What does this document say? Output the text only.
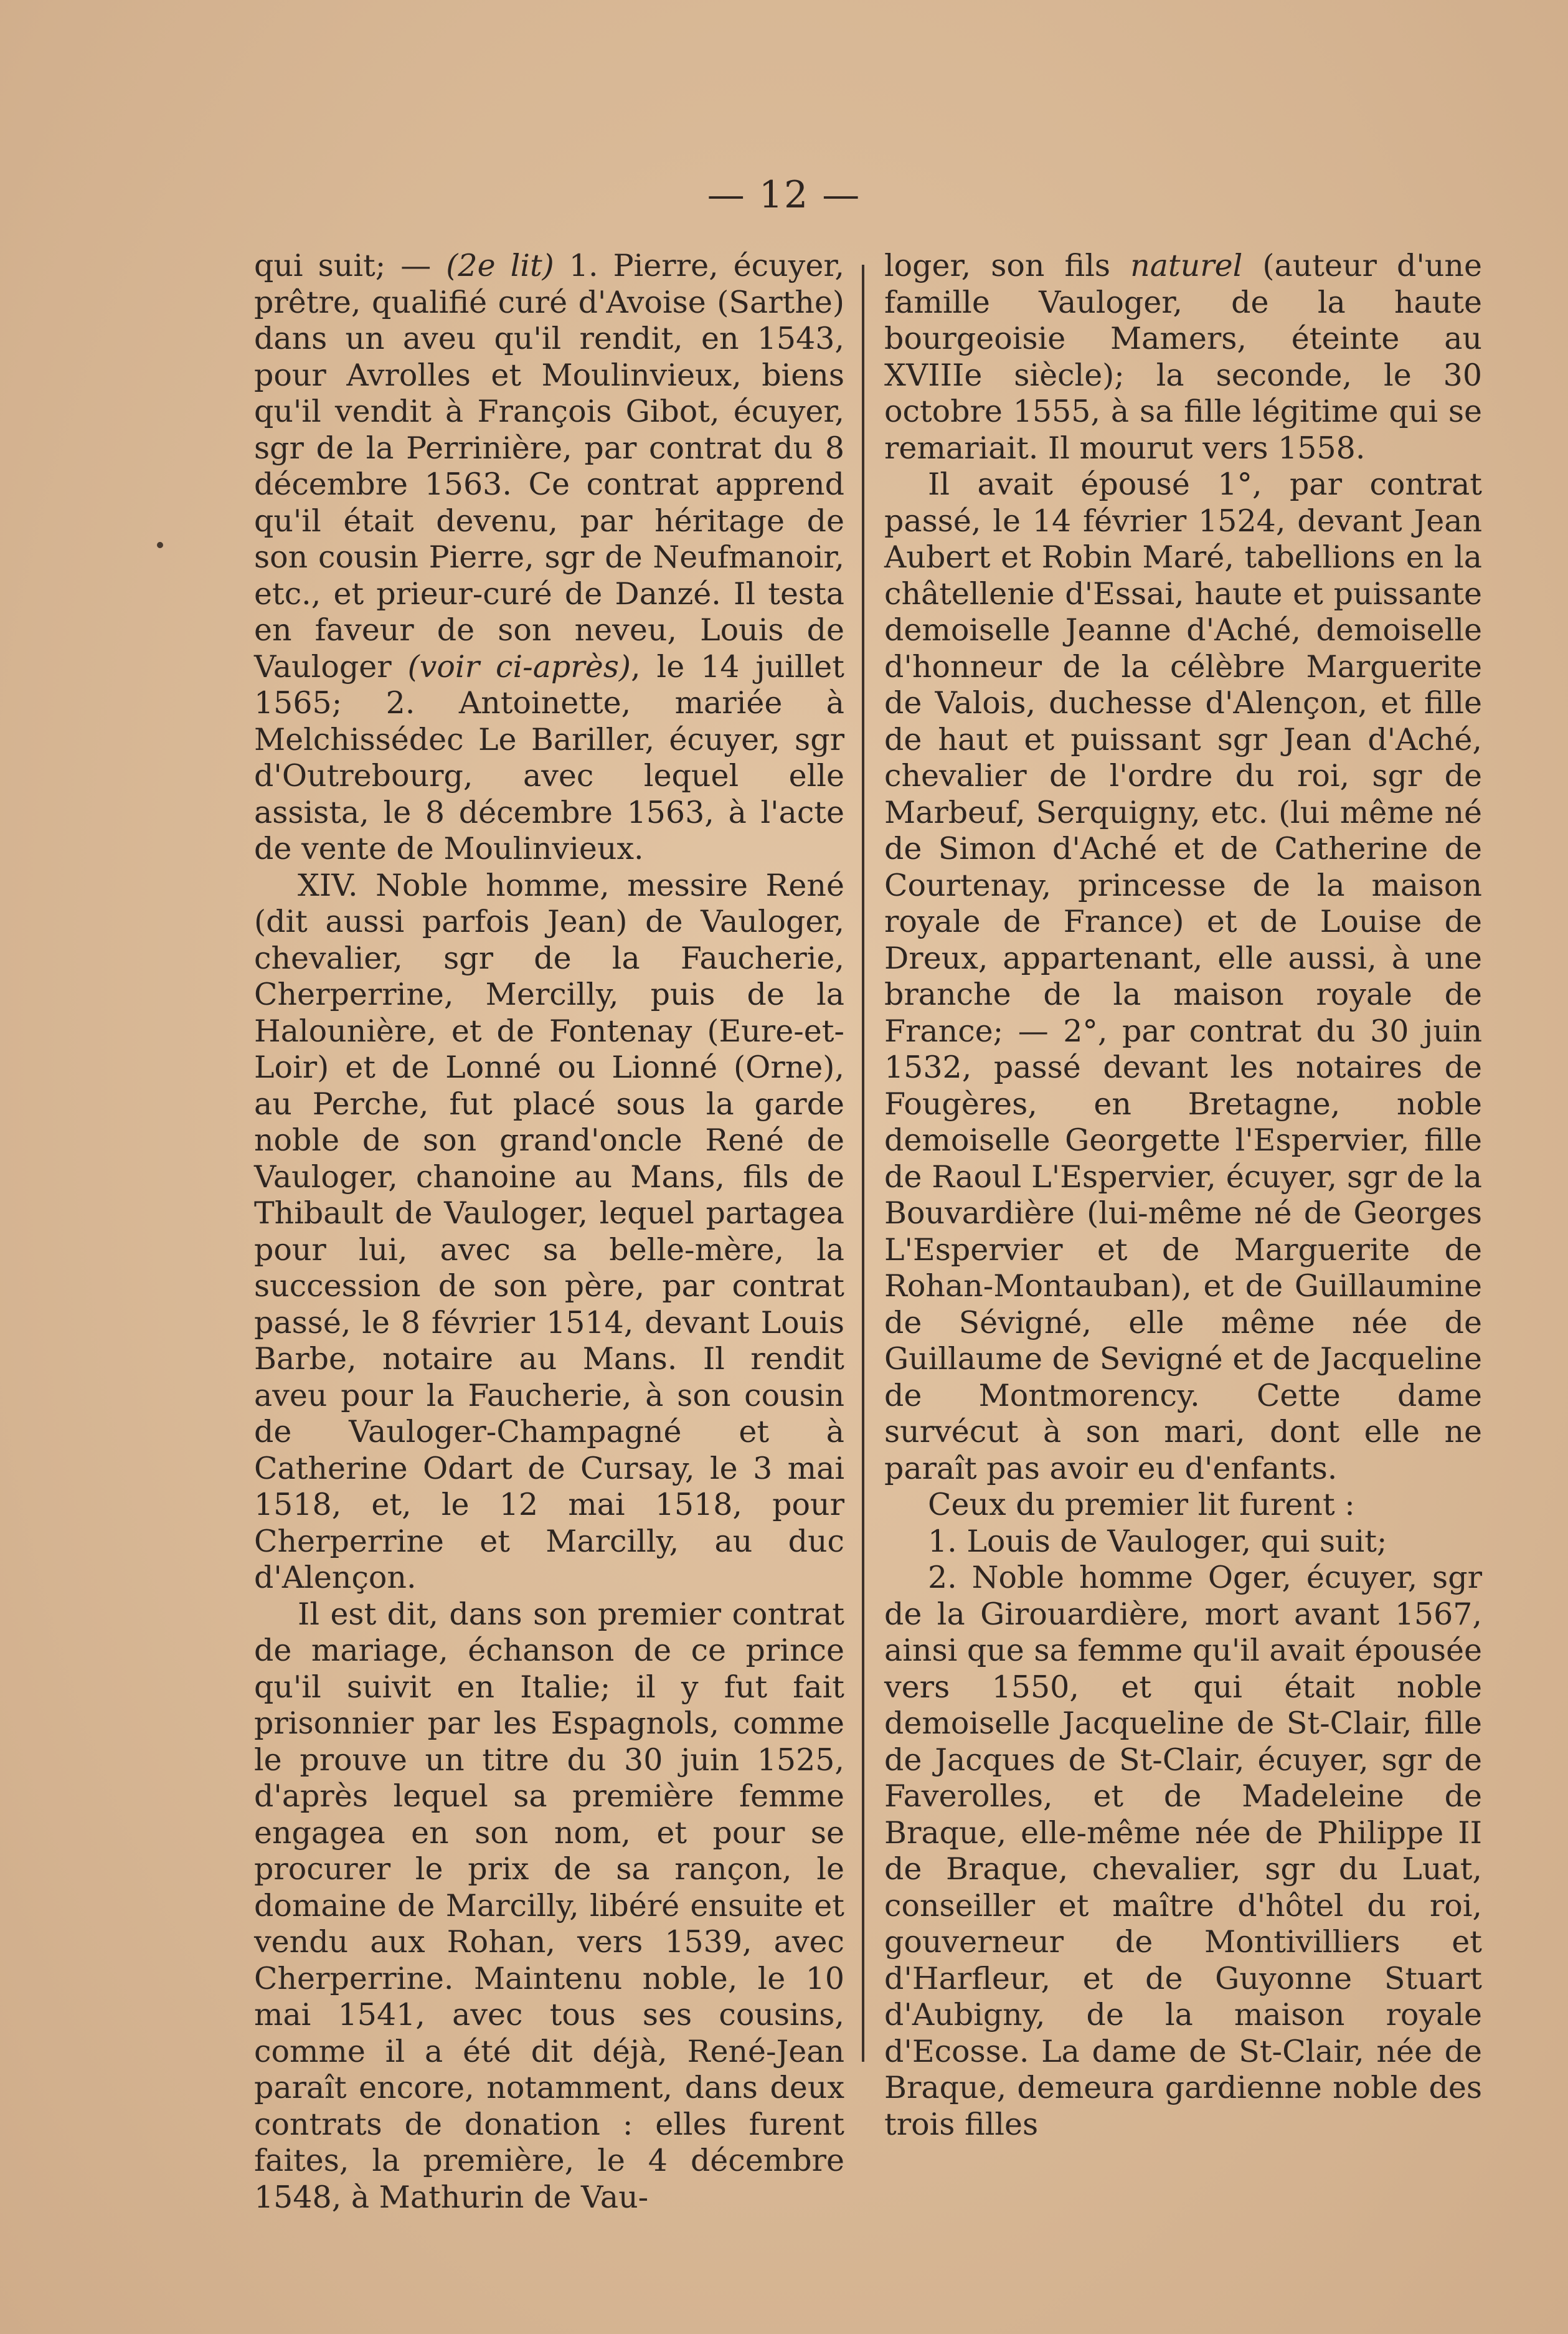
— 12 —

qui suit; — (2e lit) 1. Pierre, écuyer, prêtre, qualifié curé d'Avoise (Sarthe) dans un aveu qu'il rendit, en 1543, pour Avrolles et Moulinvieux, biens qu'il vendit à François Gibot, écuyer, sgr de la Perrinière, par contrat du 8 décembre 1563. Ce contrat apprend qu'il était devenu, par héritage de son cousin Pierre, sgr de Neufmanoir, etc., et prieur-curé de Danzé. Il testa en faveur de son neveu, Louis de Vauloger (voir ci-après), le 14 juillet 1565; 2. Antoinette, mariée à Melchissédec Le Bariller, écuyer, sgr d'Outrebourg, avec lequel elle assista, le 8 décembre 1563, à l'acte de vente de Moulinvieux.

XIV. Noble homme, messire René (dit aussi parfois Jean) de Vauloger, chevalier, sgr de la Faucherie, Cherperrine, Mercilly, puis de la Halounière, et de Fontenay (Eure-et-Loir) et de Lonné ou Lionné (Orne), au Perche, fut placé sous la garde noble de son grand'oncle René de Vauloger, chanoine au Mans, fils de Thibault de Vauloger, lequel partagea pour lui, avec sa belle-mère, la succession de son père, par contrat passé, le 8 février 1514, devant Louis Barbe, notaire au Mans. Il rendit aveu pour la Faucherie, à son cousin de Vauloger-Champagné et à Catherine Odart de Cursay, le 3 mai 1518, et, le 12 mai 1518, pour Cherperrine et Marcilly, au duc d'Alençon.

Il est dit, dans son premier contrat de mariage, échanson de ce prince qu'il suivit en Italie; il y fut fait prisonnier par les Espagnols, comme le prouve un titre du 30 juin 1525, d'après lequel sa première femme engagea en son nom, et pour se procurer le prix de sa rançon, le domaine de Marcilly, libéré ensuite et vendu aux Rohan, vers 1539, avec Cherperrine. Maintenu noble, le 10 mai 1541, avec tous ses cousins, comme il a été dit déjà, René-Jean paraît encore, notamment, dans deux contrats de donation : elles furent faites, la première, le 4 décembre 1548, à Mathurin de Vau-

loger, son fils naturel (auteur d'une famille Vauloger, de la haute bourgeoisie Mamers, éteinte au XVIIIe siècle); la seconde, le 30 octobre 1555, à sa fille légitime qui se remariait. Il mourut vers 1558.

Il avait épousé 1°, par contrat passé, le 14 février 1524, devant Jean Aubert et Robin Maré, tabellions en la châtellenie d'Essai, haute et puissante demoiselle Jeanne d'Aché, demoiselle d'honneur de la célèbre Marguerite de Valois, duchesse d'Alençon, et fille de haut et puissant sgr Jean d'Aché, chevalier de l'ordre du roi, sgr de Marbeuf, Serquigny, etc. (lui même né de Simon d'Aché et de Catherine de Courtenay, princesse de la maison royale de France) et de Louise de Dreux, appartenant, elle aussi, à une branche de la maison royale de France; — 2°, par contrat du 30 juin 1532, passé devant les notaires de Fougères, en Bretagne, noble demoiselle Georgette l'Espervier, fille de Raoul L'Espervier, écuyer, sgr de la Bouvardière (lui-même né de Georges L'Espervier et de Marguerite de Rohan-Montauban), et de Guillaumine de Sévigné, elle même née de Guillaume de Sevigné et de Jacqueline de Montmorency. Cette dame survécut à son mari, dont elle ne paraît pas avoir eu d'enfants.

Ceux du premier lit furent :

1. Louis de Vauloger, qui suit;

2. Noble homme Oger, écuyer, sgr de la Girouardière, mort avant 1567, ainsi que sa femme qu'il avait épousée vers 1550, et qui était noble demoiselle Jacqueline de St-Clair, fille de Jacques de St-Clair, écuyer, sgr de Faverolles, et de Madeleine de Braque, elle-même née de Philippe II de Braque, chevalier, sgr du Luat, conseiller et maître d'hôtel du roi, gouverneur de Montivilliers et d'Harfleur, et de Guyonne Stuart d'Aubigny, de la maison royale d'Ecosse. La dame de St-Clair, née de Braque, demeura gardienne noble des trois filles
